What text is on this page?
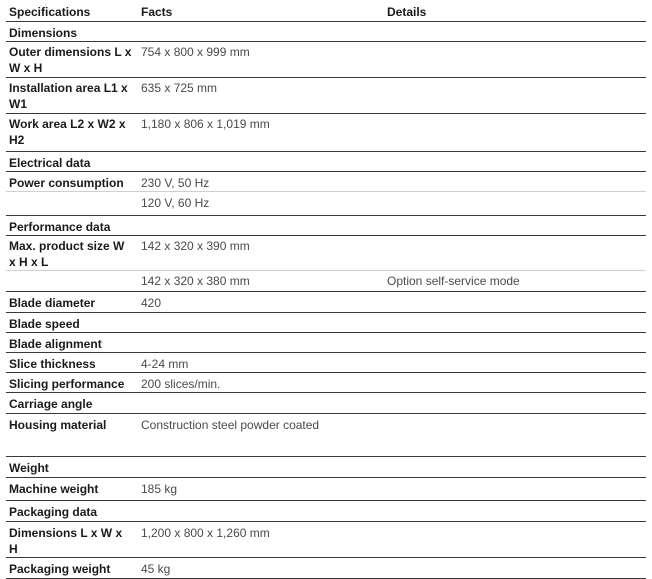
Specifications	Facts	Details
Dimensions		
Outer dimensions L x W x H	754 x 800 x 999 mm	
Installation area L1 x W1	635 x 725 mm	
Work area L2 x W2 x H2	1,180 x 806 x 1,019 mm	
Electrical data		
Power consumption	230 V, 50 Hz	
	120 V, 60 Hz	
Performance data		
Max. product size W x H x L	142 x 320 x 390 mm	
	142 x 320 x 380 mm	Option self-service mode
Blade diameter	420	
Blade speed		
Blade alignment		
Slice thickness	4-24 mm	
Slicing performance	200 slices/min.	
Carriage angle		
Housing material	Construction steel powder coated	
Weight		
Machine weight	185 kg	
Packaging data		
Dimensions L x W x H	1,200 x 800 x 1,260 mm	
Packaging weight	45 kg	
